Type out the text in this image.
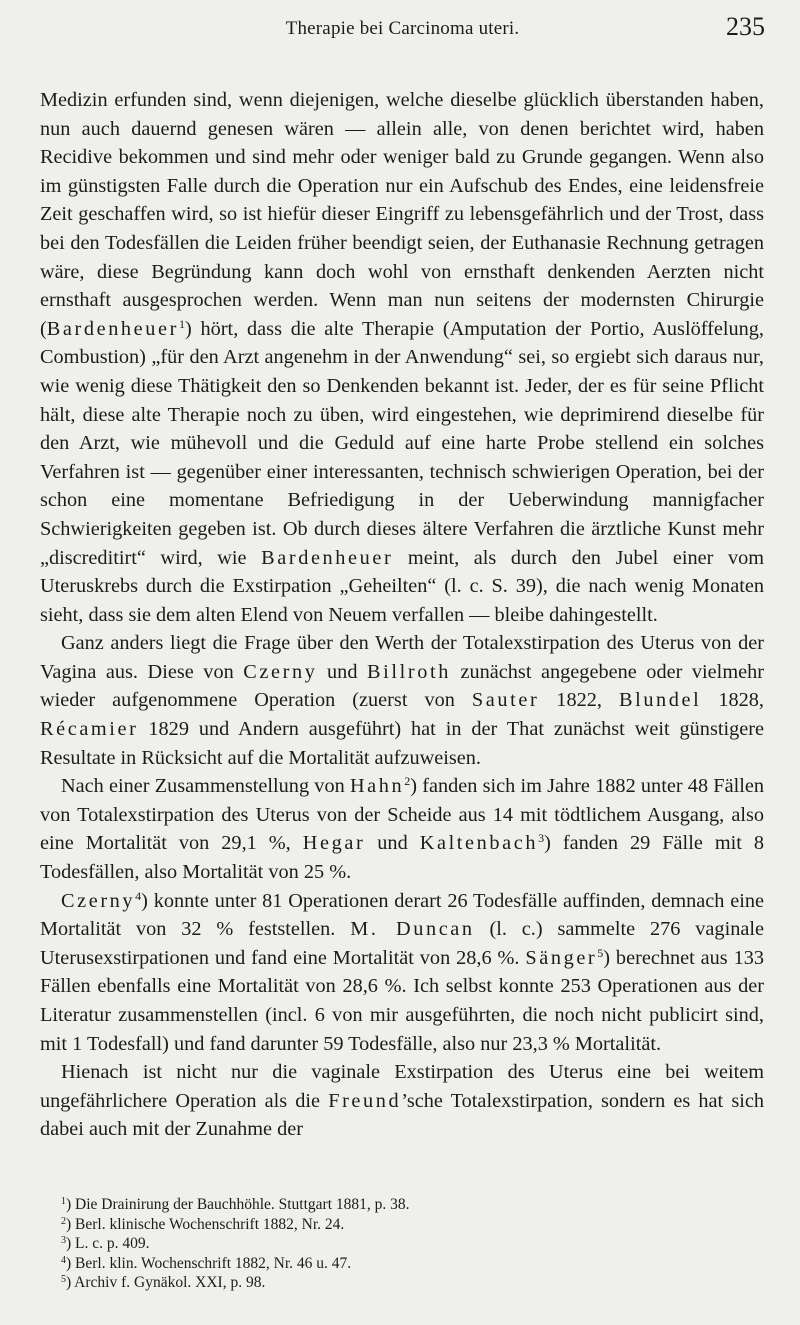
Therapie bei Carcinoma uteri.	235

Medizin erfunden sind, wenn diejenigen, welche dieselbe glücklich überstanden haben, nun auch dauernd genesen wären — allein alle, von denen berichtet wird, haben Recidive bekommen und sind mehr oder weniger bald zu Grunde gegangen. Wenn also im günstigsten Falle durch die Operation nur ein Aufschub des Endes, eine leidensfreie Zeit geschaffen wird, so ist hiefür dieser Eingriff zu lebensgefährlich und der Trost, dass bei den Todesfällen die Leiden früher beendigt seien, der Euthanasie Rechnung getragen wäre, diese Begründung kann doch wohl von ernsthaft denkenden Aerzten nicht ernsthaft ausgesprochen werden. Wenn man nun seitens der modernsten Chirurgie (Bardenheuer$^1$) hört, dass die alte Therapie (Amputation der Portio, Auslöffelung, Combustion) „für den Arzt angenehm in der Anwendung“ sei, so ergiebt sich daraus nur, wie wenig diese Thätigkeit den so Denkenden bekannt ist. Jeder, der es für seine Pflicht hält, diese alte Therapie noch zu üben, wird eingestehen, wie deprimirend dieselbe für den Arzt, wie mühevoll und die Geduld auf eine harte Probe stellend ein solches Verfahren ist — gegenüber einer interessanten, technisch schwierigen Operation, bei der schon eine momentane Befriedigung in der Ueberwindung mannigfacher Schwierigkeiten gegeben ist. Ob durch dieses ältere Verfahren die ärztliche Kunst mehr „discreditirt“ wird, wie Bardenheuer meint, als durch den Jubel einer vom Uteruskrebs durch die Exstirpation „Geheilten“ (l. c. S. 39), die nach wenig Monaten sieht, dass sie dem alten Elend von Neuem verfallen — bleibe dahingestellt.

Ganz anders liegt die Frage über den Werth der Totalexstirpation des Uterus von der Vagina aus. Diese von Czerny und Billroth zunächst angegebene oder vielmehr wieder aufgenommene Operation (zuerst von Sauter 1822, Blundel 1828, Récamier 1829 und Andern ausgeführt) hat in der That zunächst weit günstigere Resultate in Rücksicht auf die Mortalität aufzuweisen.

Nach einer Zusammenstellung von Hahn$^2$) fanden sich im Jahre 1882 unter 48 Fällen von Totalexstirpation des Uterus von der Scheide aus 14 mit tödtlichem Ausgang, also eine Mortalität von 29,1 %, Hegar und Kaltenbach$^3$) fanden 29 Fälle mit 8 Todesfällen, also Mortalität von 25 %.

Czerny$^4$) konnte unter 81 Operationen derart 26 Todesfälle auffinden, demnach eine Mortalität von 32 % feststellen. M. Duncan (l. c.) sammelte 276 vaginale Uterusexstirpationen und fand eine Mortalität von 28,6 %. Sänger$^5$) berechnet aus 133 Fällen ebenfalls eine Mortalität von 28,6 %. Ich selbst konnte 253 Operationen aus der Literatur zusammenstellen (incl. 6 von mir ausgeführten, die noch nicht publicirt sind, mit 1 Todesfall) und fand darunter 59 Todesfälle, also nur 23,3 % Mortalität.

Hienach ist nicht nur die vaginale Exstirpation des Uterus eine bei weitem ungefährlichere Operation als die Freund’sche Totalexstirpation, sondern es hat sich dabei auch mit der Zunahme der

$^1$) Die Drainirung der Bauchhöhle. Stuttgart 1881, p. 38.

$^2$) Berl. klinische Wochenschrift 1882, Nr. 24.

$^3$) L. c. p. 409.

$^4$) Berl. klin. Wochenschrift 1882, Nr. 46 u. 47.

$^5$) Archiv f. Gynäkol. XXI, p. 98.
